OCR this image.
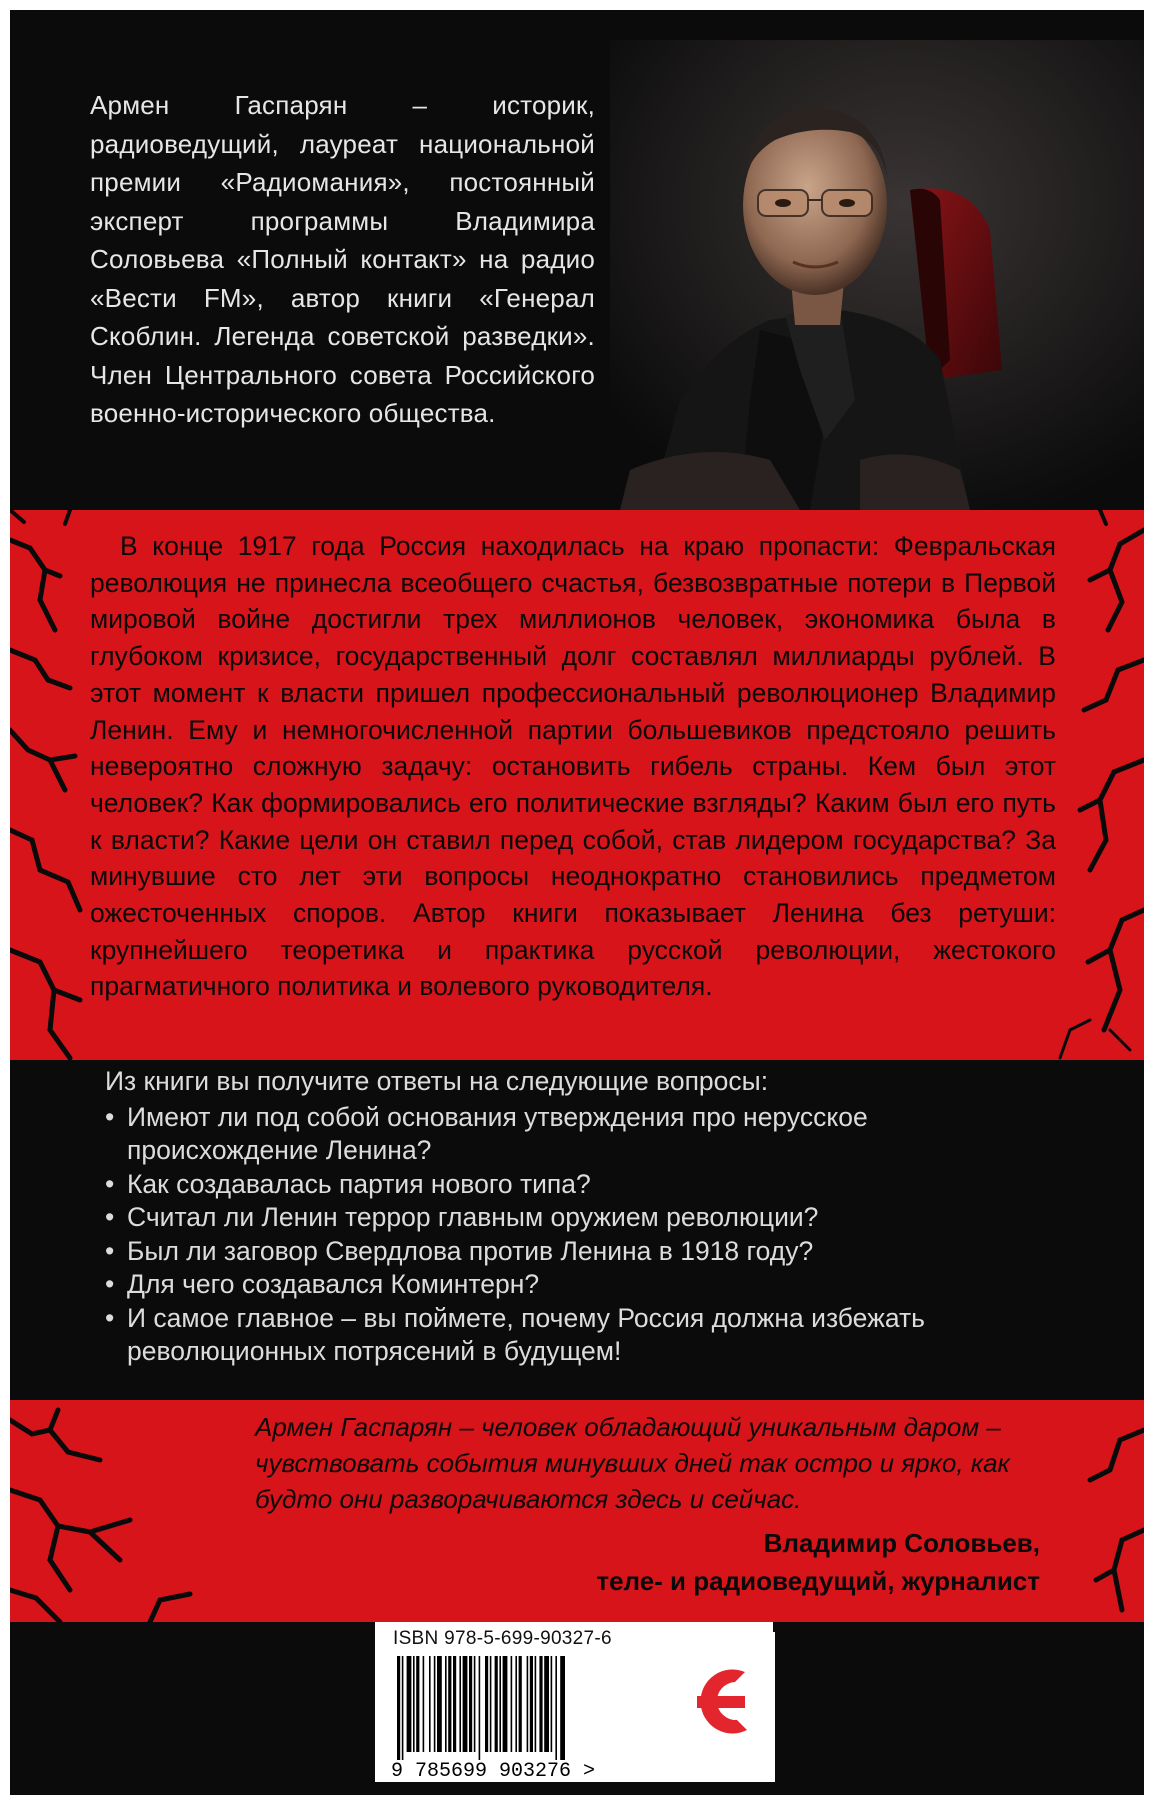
Армен Гаспарян – историк, радиоведущий, лауреат национальной премии «Радиомания», постоянный эксперт программы Владимира Соловьева «Полный контакт» на радио «Вести FM», автор книги «Генерал Скоблин. Легенда советской разведки». Член Центрального совета Российского военно-исторического общества.

В конце 1917 года Россия находилась на краю пропасти: Февральская революция не принесла всеобщего счастья, безвозвратные потери в Первой мировой войне достигли трех миллионов человек, экономика была в глубоком кризисе, государственный долг составлял миллиарды рублей. В этот момент к власти пришел профессиональный революционер Владимир Ленин. Ему и немногочисленной партии большевиков предстояло решить невероятно сложную задачу: остановить гибель страны. Кем был этот человек? Как формировались его политические взгляды? Каким был его путь к власти? Какие цели он ставил перед собой, став лидером государства? За минувшие сто лет эти вопросы неоднократно становились предметом ожесточенных споров. Автор книги показывает Ленина без ретуши: крупнейшего теоретика и практика русской революции, жестокого прагматичного политика и волевого руководителя.

Из книги вы получите ответы на следующие вопросы:

• Имеют ли под собой основания утверждения про нерусское происхождение Ленина?
• Как создавалась партия нового типа?
• Считал ли Ленин террор главным оружием революции?
• Был ли заговор Свердлова против Ленина в 1918 году?
• Для чего создавался Коминтерн?
• И самое главное – вы поймете, почему Россия должна избежать революционных потрясений в будущем!

Армен Гаспарян – человек обладающий уникальным даром – чувствовать события минувших дней так остро и ярко, как будто они разворачиваются здесь и сейчас.

Владимир Соловьев,
теле- и радиоведущий, журналист
ISBN 978-5-699-90327-6
9 785699 903276 >
